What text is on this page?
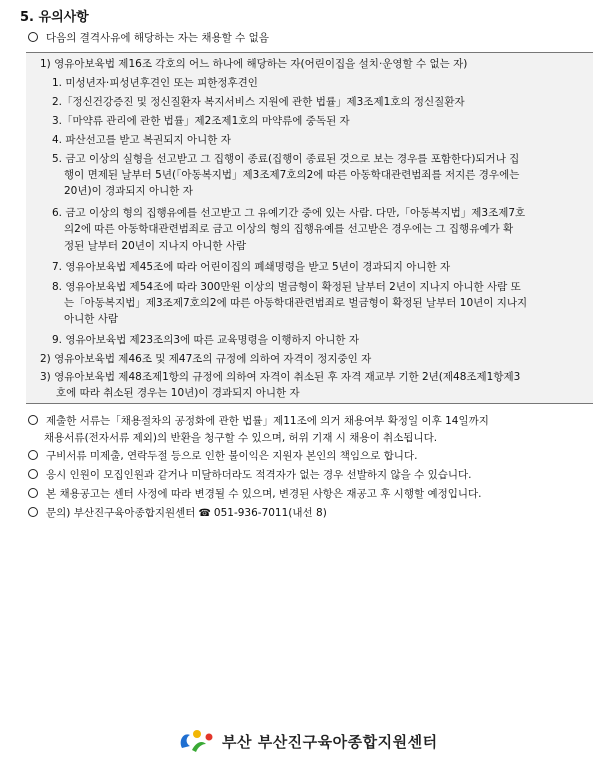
5. 유의사항
다음의 결격사유에 해당하는 자는 채용할 수 없음
1) 영유아보육법 제16조 각호의 어느 하나에 해당하는 자(어린이집을 설치·운영할 수 없는 자)
1. 미성년자·피성년후견인 또는 피한정후견인
2.「정신건강증진 및 정신질환자 복지서비스 지원에 관한 법률」제3조제1호의 정신질환자
3.「마약류 관리에 관한 법률」제2조제1호의 마약류에 중독된 자
4. 파산선고를 받고 복권되지 아니한 자
5. 금고 이상의 실형을 선고받고 그 집행이 종료(집행이 종료된 것으로 보는 경우를 포함한다)되거나 집
행이 면제된 날부터 5년(「아동복지법」제3조제7호의2에 따른 아동학대관련범죄를 저지른 경우에는
20년)이 경과되지 아니한 자
6. 금고 이상의 형의 집행유예를 선고받고 그 유예기간 중에 있는 사람. 다만,「아동복지법」제3조제7호
의2에 따른 아동학대관련범죄로 금고 이상의 형의 집행유예를 선고받은 경우에는 그 집행유예가 확
정된 날부터 20년이 지나지 아니한 사람
7. 영유아보육법 제45조에 따라 어린이집의 폐쇄명령을 받고 5년이 경과되지 아니한 자
8. 영유아보육법 제54조에 따라 300만원 이상의 벌금형이 확정된 날부터 2년이 지나지 아니한 사람 또
는「아동복지법」제3조제7호의2에 따른 아동학대관련범죄로 벌금형이 확정된 날부터 10년이 지나지
아니한 사람
9. 영유아보육법 제23조의3에 따른 교육명령을 이행하지 아니한 자
2) 영유아보육법 제46조 및 제47조의 규정에 의하여 자격이 정지중인 자
3) 영유아보육법 제48조제1항의 규정에 의하여 자격이 취소된 후 자격 재교부 기한 2년(제48조제1항제3
호에 따라 취소된 경우는 10년)이 경과되지 아니한 자
제출한 서류는「채용절차의 공정화에 관한 법률」제11조에 의거 채용여부 확정일 이후 14일까지
채용서류(전자서류 제외)의 반환을 청구할 수 있으며, 허위 기재 시 채용이 취소됩니다.
구비서류 미제출, 연락두절 등으로 인한 불이익은 지원자 본인의 책임으로 합니다.
응시 인원이 모집인원과 같거나 미달하더라도 적격자가 없는 경우 선발하지 않을 수 있습니다.
본 채용공고는 센터 사정에 따라 변경될 수 있으며, 변경된 사항은 재공고 후 시행할 예정입니다.
문의) 부산진구육아종합지원센터 ☎ 051-936-7011(내선 8)
부산 부산진구육아종합지원센터
